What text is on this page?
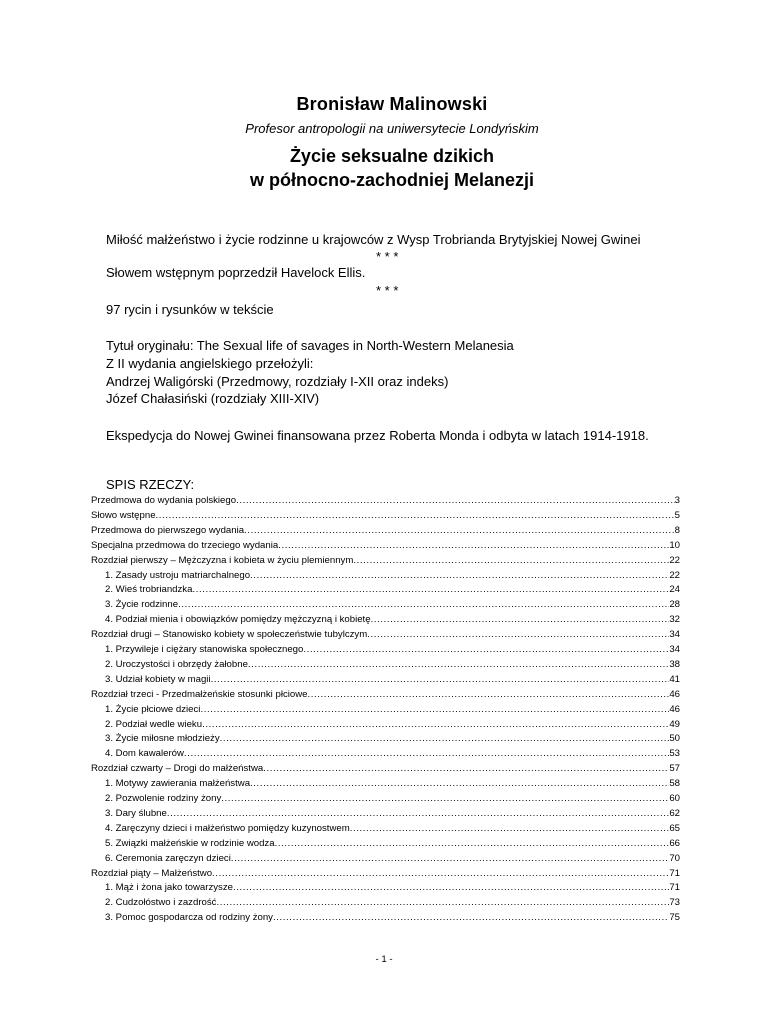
Bronisław Malinowski
Profesor antropologii na uniwersytecie Londyńskim
Życie seksualne dzikich
w północno-zachodniej Melanezji
Miłość małżeństwo i życie rodzinne u krajowców z Wysp Trobrianda Brytyjskiej Nowej Gwinei
* * *
Słowem wstępnym poprzedził Havelock Ellis.
* * *
97 rycin i rysunków w tekście
Tytuł oryginału: The Sexual life of savages in North-Western Melanesia
Z II wydania angielskiego przełożyli:
Andrzej Waligórski (Przedmowy, rozdziały I-XII oraz indeks)
Józef Chałasiński (rozdziały XIII-XIV)
Ekspedycja do Nowej Gwinei finansowana przez Roberta Monda i odbyta w latach 1914-1918.
SPIS RZECZY:
Przedmowa do wydania polskiego .....	3
Słowo wstępne .....	5
Przedmowa do pierwszego wydania .....	8
Specjalna przedmowa do trzeciego wydania .....	10
Rozdział pierwszy – Mężczyzna i kobieta w życiu plemiennym .....	22
1. Zasady ustroju matriarchalnego .....	22
2. Wieś trobriandzka .....	24
3. Życie rodzinne .....	28
4. Podział mienia i obowiązków pomiędzy mężczyzną i kobietę .....	32
Rozdział drugi – Stanowisko kobiety w społeczeństwie tubylczym .....	34
1. Przywileje i ciężary stanowiska społecznego .....	34
2. Uroczystości i obrzędy żałobne .....	38
3. Udział kobiety w magii .....	41
Rozdział trzeci - Przedmałżeńskie stosunki płciowe .....	46
1. Życie płciowe dzieci .....	46
2. Podział wedle wieku .....	49
3. Życie miłosne młodzieży .....	50
4. Dom kawalerów .....	53
Rozdział czwarty – Drogi do małżeństwa .....	57
1. Motywy zawierania małżeństwa .....	58
2. Pozwolenie rodziny żony .....	60
3. Dary ślubne .....	62
4. Zaręczyny dzieci i małżeństwo pomiędzy kuzynostwem .....	65
5. Związki małżeńskie w rodzinie wodza .....	66
6. Ceremonia zaręczyn dzieci .....	70
Rozdział piąty – Małżeństwo .....	71
1. Mąż i żona jako towarzysze .....	71
2. Cudzołóstwo i zazdrość .....	73
3. Pomoc gospodarcza od rodziny żony .....	75
- 1 -
